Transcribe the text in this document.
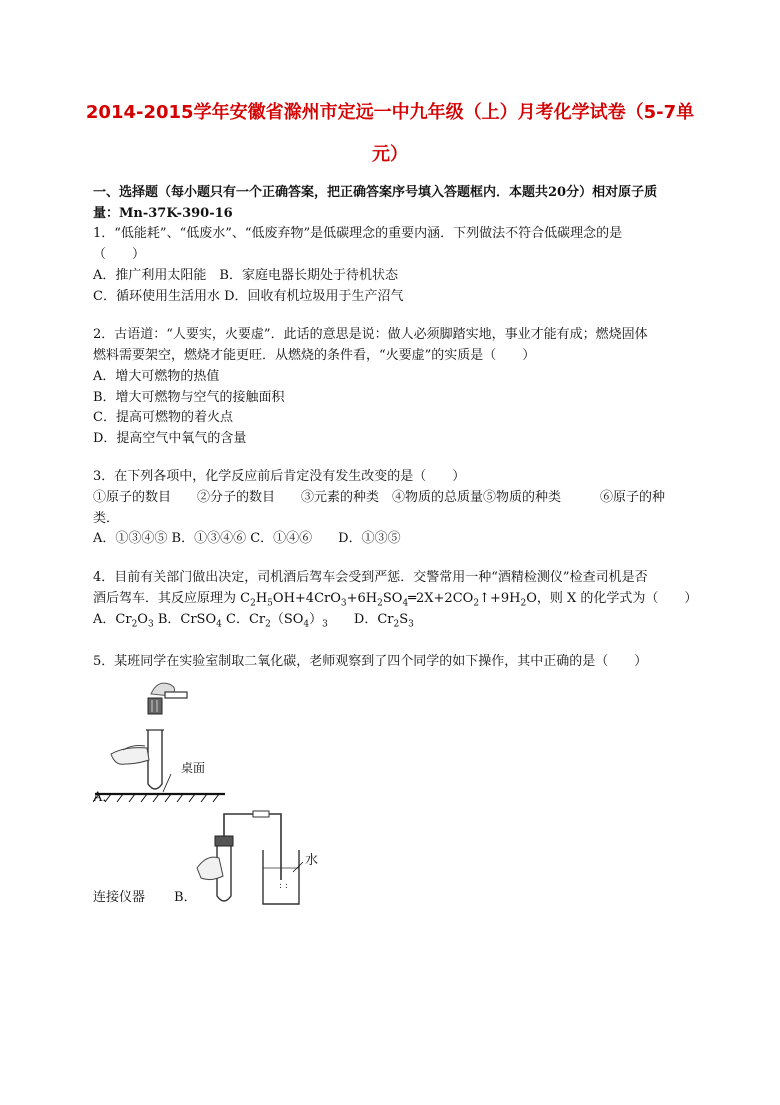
2014-2015学年安徽省滁州市定远一中九年级（上）月考化学试卷（5-7单
元）
一、选择题（每小题只有一个正确答案，把正确答案序号填入答题框内．本题共20分）相对原子质
量：Mn-37K-390-16
1．“低能耗”、“低废水”、“低废弃物”是低碳理念的重要内涵．下列做法不符合低碳理念的是
（　　）
A．推广利用太阳能　B．家庭电器长期处于待机状态
C．循环使用生活用水 D．回收有机垃圾用于生产沼气
2．古语道：“人要实，火要虚”．此话的意思是说：做人必须脚踏实地，事业才能有成；燃烧固体
燃料需要架空，燃烧才能更旺．从燃烧的条件看，“火要虚”的实质是（　　）
A．增大可燃物的热值
B．增大可燃物与空气的接触面积
C．提高可燃物的着火点
D．提高空气中氧气的含量
3．在下列各项中，化学反应前后肯定没有发生改变的是（　　）
①原子的数目　　②分子的数目　　③元素的种类　④物质的总质量⑤物质的种类　　　⑥原子的种
类．
A．①③④⑤ B．①③④⑥ C．①④⑥　　D．①③⑤
4．目前有关部门做出决定，司机酒后驾车会受到严惩．交警常用一种“酒精检测仪”检查司机是否
酒后驾车．其反应原理为 $C_2H_5OH+4CrO_3+6H_2SO_4═2X+2CO_2↑+9H_2O$，则 X 的化学式为（　　）
A．$Cr_2O_3$ B．CrSO$_4$ C．$Cr_2(SO_4)_3$　　 D．$Cr_2S_3$
5．某班同学在实验室制取二氧化碳，老师观察到了四个同学的如下操作，其中正确的是（　　）
桌面
A．
: :
水
连接仪器　 B．
